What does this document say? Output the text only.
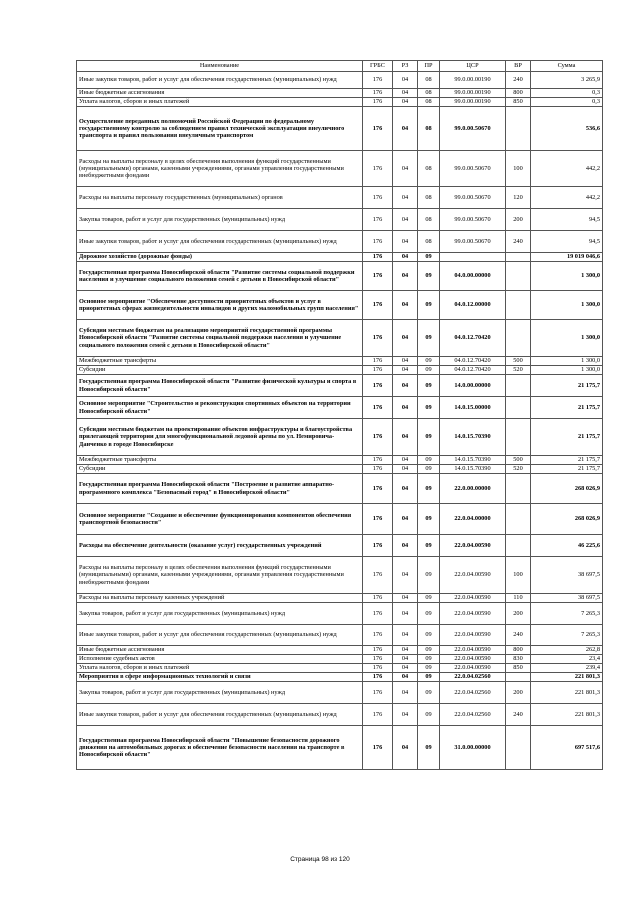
Наименование	ГРБС	РЗ	ПР	ЦСР	ВР	Сумма
Иные закупки товаров, работ и услуг для обеспечения государственных (муниципальных) нужд	176	04	08	99.0.00.00190	240	3 265,9
Иные бюджетные ассигнования	176	04	08	99.0.00.00190	800	0,3
Уплата налогов, сборов и иных платежей	176	04	08	99.0.00.00190	850	0,3
Осуществление переданных полномочий Российской Федерации по федеральному государственному контролю за соблюдением правил технической эксплуатации внеуличного транспорта и правил пользования внеуличным транспортом	176	04	08	99.0.00.50670		536,6
Расходы на выплаты персоналу в целях обеспечения выполнения функций государственными (муниципальными) органами, казенными учреждениями, органами управления государственными внебюджетными фондами	176	04	08	99.0.00.50670	100	442,2
Расходы на выплаты персоналу государственных (муниципальных) органов	176	04	08	99.0.00.50670	120	442,2
Закупка товаров, работ и услуг для государственных (муниципальных) нужд	176	04	08	99.0.00.50670	200	94,5
Иные закупки товаров, работ и услуг для обеспечения государственных (муниципальных) нужд	176	04	08	99.0.00.50670	240	94,5
Дорожное хозяйство (дорожные фонды)	176	04	09			19 019 046,6
Государственная программа Новосибирской области "Развитие системы социальной поддержки населения и улучшение социального положения семей с детьми в Новосибирской области"	176	04	09	04.0.00.00000		1 300,0
Основное мероприятие "Обеспечение доступности приоритетных объектов и услуг в приоритетных сферах жизнедеятельности инвалидов и других маломобильных групп населения"	176	04	09	04.0.12.00000		1 300,0
Субсидии местным бюджетам на реализацию мероприятий государственной программы Новосибирской области "Развитие системы социальной поддержки населения и улучшение социального положения семей с детьми в Новосибирской области"	176	04	09	04.0.12.70420		1 300,0
Межбюджетные трансферты	176	04	09	04.0.12.70420	500	1 300,0
Субсидии	176	04	09	04.0.12.70420	520	1 300,0
Государственная программа Новосибирской области "Развитие физической культуры и спорта в Новосибирской области"	176	04	09	14.0.00.00000		21 175,7
Основное мероприятие "Строительство и реконструкция спортивных объектов на территории Новосибирской области"	176	04	09	14.0.15.00000		21 175,7
Субсидии местным бюджетам на проектирование объектов инфраструктуры и благоустройства прилегающей территории для многофункциональной ледовой арены по ул. Немировича-Данченко в городе Новосибирске	176	04	09	14.0.15.70390		21 175,7
Межбюджетные трансферты	176	04	09	14.0.15.70390	500	21 175,7
Субсидии	176	04	09	14.0.15.70390	520	21 175,7
Государственная программа Новосибирской области "Построение и развитие аппаратно-программного комплекса "Безопасный город" в Новосибирской области"	176	04	09	22.0.00.00000		268 026,9
Основное мероприятие "Создание и обеспечение функционирования компонентов обеспечения транспортной безопасности"	176	04	09	22.0.04.00000		268 026,9
Расходы на обеспечение деятельности (оказание услуг) государственных учреждений	176	04	09	22.0.04.00590		46 225,6
Расходы на выплаты персоналу в целях обеспечения выполнения функций государственными (муниципальными) органами, казенными учреждениями, органами управления государственными внебюджетными фондами	176	04	09	22.0.04.00590	100	38 697,5
Расходы на выплаты персоналу казенных учреждений	176	04	09	22.0.04.00590	110	38 697,5
Закупка товаров, работ и услуг для государственных (муниципальных) нужд	176	04	09	22.0.04.00590	200	7 265,3
Иные закупки товаров, работ и услуг для обеспечения государственных (муниципальных) нужд	176	04	09	22.0.04.00590	240	7 265,3
Иные бюджетные ассигнования	176	04	09	22.0.04.00590	800	262,8
Исполнение судебных актов	176	04	09	22.0.04.00590	830	23,4
Уплата налогов, сборов и иных платежей	176	04	09	22.0.04.00590	850	239,4
Мероприятия в сфере информационных технологий и связи	176	04	09	22.0.04.02560		221 801,3
Закупка товаров, работ и услуг для государственных (муниципальных) нужд	176	04	09	22.0.04.02560	200	221 801,3
Иные закупки товаров, работ и услуг для обеспечения государственных (муниципальных) нужд	176	04	09	22.0.04.02560	240	221 801,3
Государственная программа Новосибирской области "Повышение безопасности дорожного движения на автомобильных дорогах и обеспечение безопасности населения на транспорте в Новосибирской области"	176	04	09	31.0.00.00000		697 517,6
Страница 98 из 120
